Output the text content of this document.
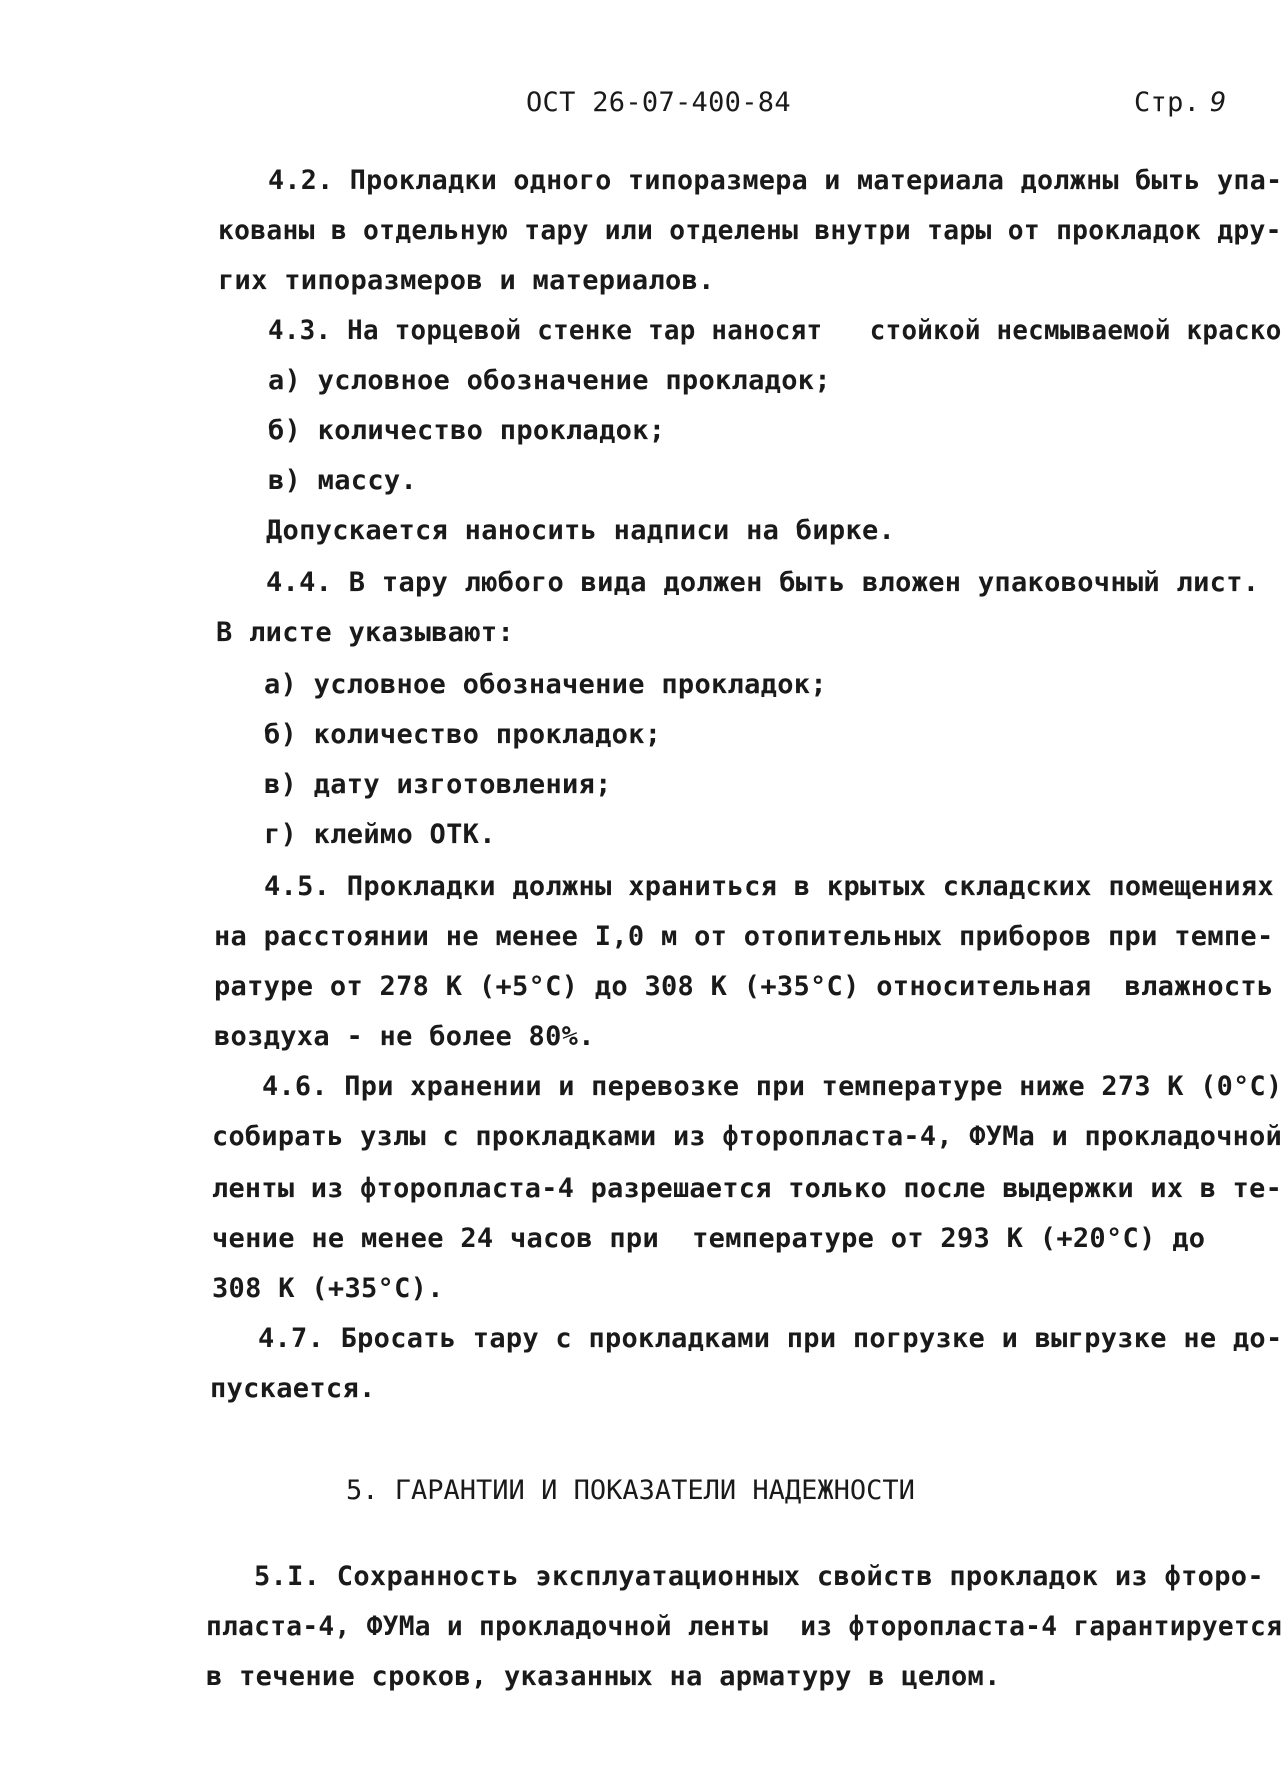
ОСТ 26-07-400-84	Стр. 9
4.2. Прокладки одного типоразмера и материала должны быть упа-
кованы в отдельную тару или отделены внутри тары от прокладок дру-
гих типоразмеров и материалов.
4.3. На торцевой стенке тар наносят   стойкой несмываемой краско
а) условное обозначение прокладок;
б) количество прокладок;
в) массу.
Допускается наносить надписи на бирке.
4.4. В тару любого вида должен быть вложен упаковочный лист.
В листе указывают:
а) условное обозначение прокладок;
б) количество прокладок;
в) дату изготовления;
г) клеймо ОТК.
4.5. Прокладки должны храниться в крытых складских помещениях
на расстоянии не менее I,0 м от отопительных приборов при темпе-
ратуре от 278 К (+5°С) до 308 К (+35°С) относительная  влажность
воздуха - не более 80%.
4.6. При хранении и перевозке при температуре ниже 273 К (0°С)
собирать узлы с прокладками из фторопласта-4, ФУМа и прокладочной
ленты из фторопласта-4 разрешается только после выдержки их в те-
чение не менее 24 часов при  температуре от 293 К (+20°С) до
308 К (+35°С).
4.7. Бросать тару с прокладками при погрузке и выгрузке не до-
пускается.
5. ГАРАНТИИ И ПОКАЗАТЕЛИ НАДЕЖНОСТИ
5.I. Сохранность эксплуатационных свойств прокладок из фторо-
пласта-4, ФУМа и прокладочной ленты  из фторопласта-4 гарантируется
в течение сроков, указанных на арматуру в целом.
